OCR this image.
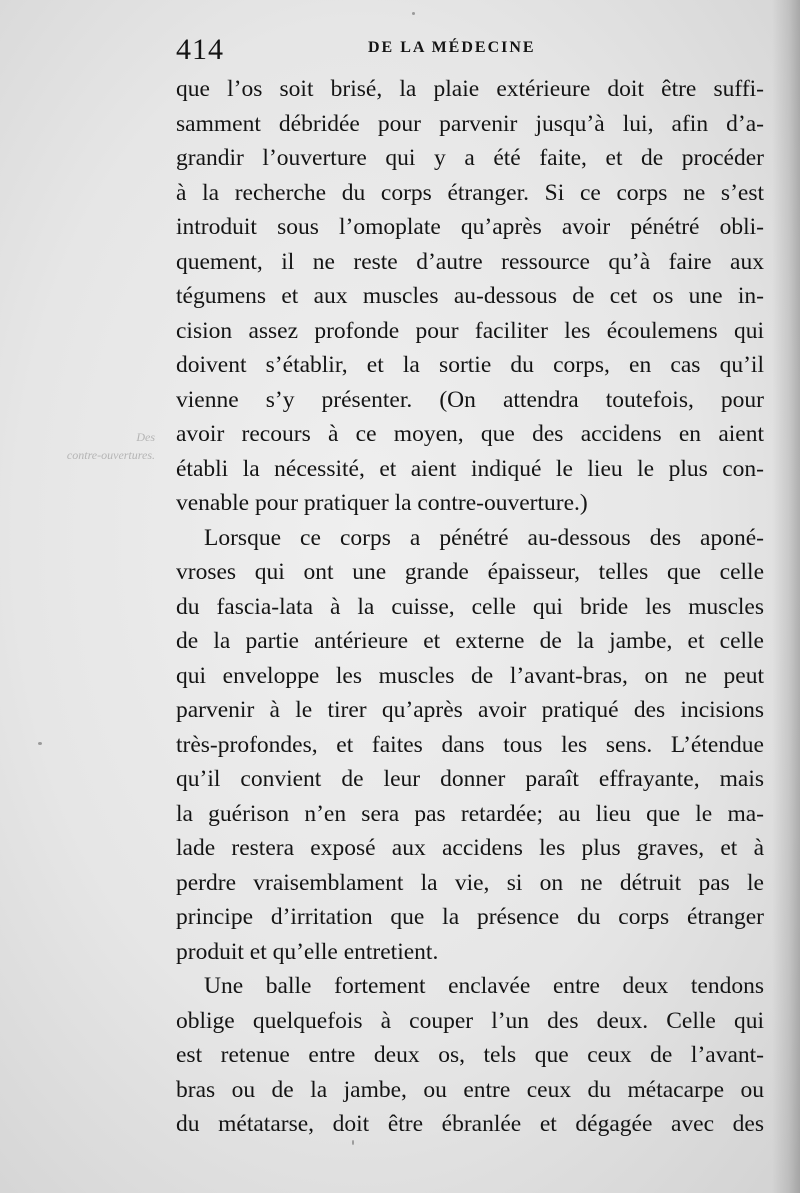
414	DE LA MÉDECINE
Des
contre-ouvertures.
que l’os soit brisé, la plaie extérieure doit être suffi-
samment débridée pour parvenir jusqu’à lui, afin d’a-
grandir l’ouverture qui y a été faite, et de procéder
à la recherche du corps étranger. Si ce corps ne s’est
introduit sous l’omoplate qu’après avoir pénétré obli-
quement, il ne reste d’autre ressource qu’à faire aux
tégumens et aux muscles au-dessous de cet os une in-
cision assez profonde pour faciliter les écoulemens qui
doivent s’établir, et la sortie du corps, en cas qu’il
vienne s’y présenter. (On attendra toutefois, pour
avoir recours à ce moyen, que des accidens en aient
établi la nécessité, et aient indiqué le lieu le plus con-
venable pour pratiquer la contre-ouverture.)
Lorsque ce corps a pénétré au-dessous des aponé-
vroses qui ont une grande épaisseur, telles que celle
du fascia-lata à la cuisse, celle qui bride les muscles
de la partie antérieure et externe de la jambe, et celle
qui enveloppe les muscles de l’avant-bras, on ne peut
parvenir à le tirer qu’après avoir pratiqué des incisions
très-profondes, et faites dans tous les sens. L’étendue
qu’il convient de leur donner paraît effrayante, mais
la guérison n’en sera pas retardée; au lieu que le ma-
lade restera exposé aux accidens les plus graves, et à
perdre vraisemblament la vie, si on ne détruit pas le
principe d’irritation que la présence du corps étranger
produit et qu’elle entretient.
Une balle fortement enclavée entre deux tendons
oblige quelquefois à couper l’un des deux. Celle qui
est retenue entre deux os, tels que ceux de l’avant-
bras ou de la jambe, ou entre ceux du métacarpe ou
du métatarse, doit être ébranlée et dégagée avec des
